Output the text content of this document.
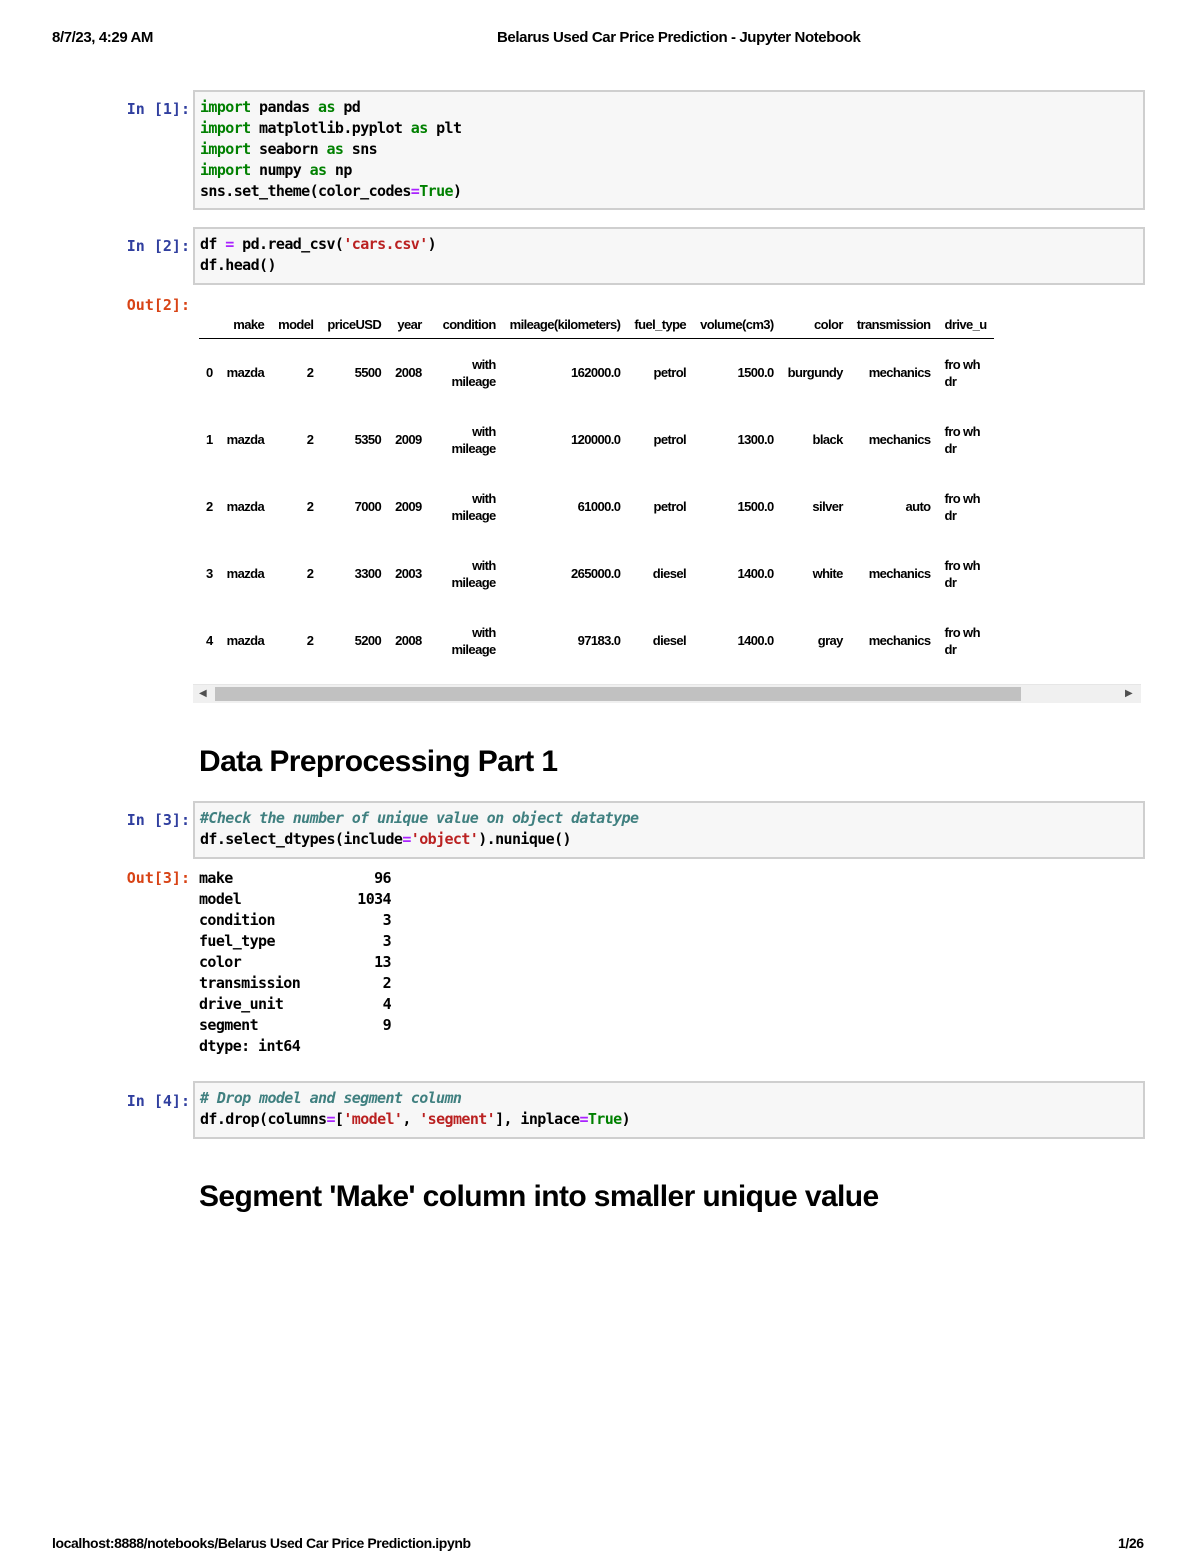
8/7/23, 4:29 AM	Belarus Used Car Price Prediction - Jupyter Notebook
In [1]: import pandas as pd
import matplotlib.pyplot as plt
import seaborn as sns
import numpy as np
sns.set_theme(color_codes=True)
In [2]: df = pd.read_csv('cars.csv')
df.head()
Out[2]:
	make	model	priceUSD	year	condition	mileage(kilometers)	fuel_type	volume(cm3)	color	transmission	drive_u
0	mazda	2	5500	2008	with mileage	162000.0	petrol	1500.0	burgundy	mechanics	fro wh dr
1	mazda	2	5350	2009	with mileage	120000.0	petrol	1300.0	black	mechanics	fro wh dr
2	mazda	2	7000	2009	with mileage	61000.0	petrol	1500.0	silver	auto	fro wh dr
3	mazda	2	3300	2003	with mileage	265000.0	diesel	1400.0	white	mechanics	fro wh dr
4	mazda	2	5200	2008	with mileage	97183.0	diesel	1400.0	gray	mechanics	fro wh dr
◀	▶
Data Preprocessing Part 1
In [3]: #Check the number of unique value on object datatype
df.select_dtypes(include='object').nunique()
Out[3]: make	96
model	1034
condition	3
fuel_type	3
color	13
transmission	2
drive_unit	4
segment	9
dtype: int64
In [4]: # Drop model and segment column
df.drop(columns=['model', 'segment'], inplace=True)
Segment 'Make' column into smaller unique value
localhost:8888/notebooks/Belarus Used Car Price Prediction.ipynb	1/26
